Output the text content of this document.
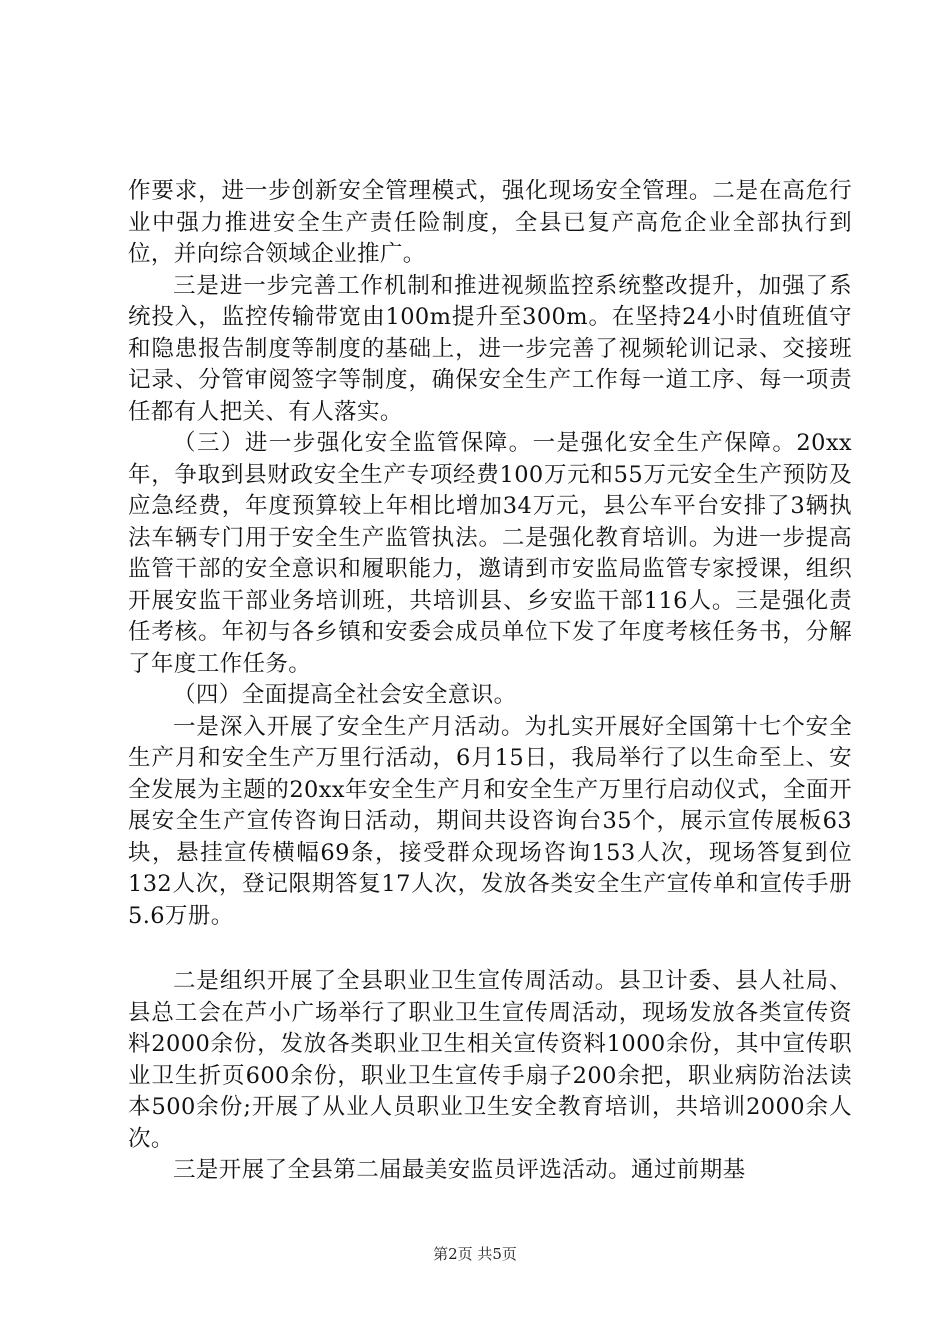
作要求，进一步创新安全管理模式，强化现场安全管理。二是在高危行业中强力推进安全生产责任险制度，全县已复产高危企业全部执行到位，并向综合领域企业推广。

三是进一步完善工作机制和推进视频监控系统整改提升，加强了系统投入，监控传输带宽由100m提升至300m。在坚持24小时值班值守和隐患报告制度等制度的基础上，进一步完善了视频轮训记录、交接班记录、分管审阅签字等制度，确保安全生产工作每一道工序、每一项责任都有人把关、有人落实。

（三）进一步强化安全监管保障。一是强化安全生产保障。20xx年，争取到县财政安全生产专项经费100万元和55万元安全生产预防及应急经费，年度预算较上年相比增加34万元，县公车平台安排了3辆执法车辆专门用于安全生产监管执法。二是强化教育培训。为进一步提高监管干部的安全意识和履职能力，邀请到市安监局监管专家授课，组织开展安监干部业务培训班，共培训县、乡安监干部116人。三是强化责任考核。年初与各乡镇和安委会成员单位下发了年度考核任务书，分解了年度工作任务。

（四）全面提高全社会安全意识。

一是深入开展了安全生产月活动。为扎实开展好全国第十七个安全生产月和安全生产万里行活动，6月15日，我局举行了以生命至上、安全发展为主题的20xx年安全生产月和安全生产万里行启动仪式，全面开展安全生产宣传咨询日活动，期间共设咨询台35个，展示宣传展板63块，悬挂宣传横幅69条，接受群众现场咨询153人次，现场答复到位132人次，登记限期答复17人次，发放各类安全生产宣传单和宣传手册5.6万册。

二是组织开展了全县职业卫生宣传周活动。县卫计委、县人社局、县总工会在芦小广场举行了职业卫生宣传周活动，现场发放各类宣传资料2000余份，发放各类职业卫生相关宣传资料1000余份，其中宣传职业卫生折页600余份，职业卫生宣传手扇子200余把，职业病防治法读本500余份;开展了从业人员职业卫生安全教育培训，共培训2000余人次。

三是开展了全县第二届最美安监员评选活动。通过前期基

第2页 共5页
